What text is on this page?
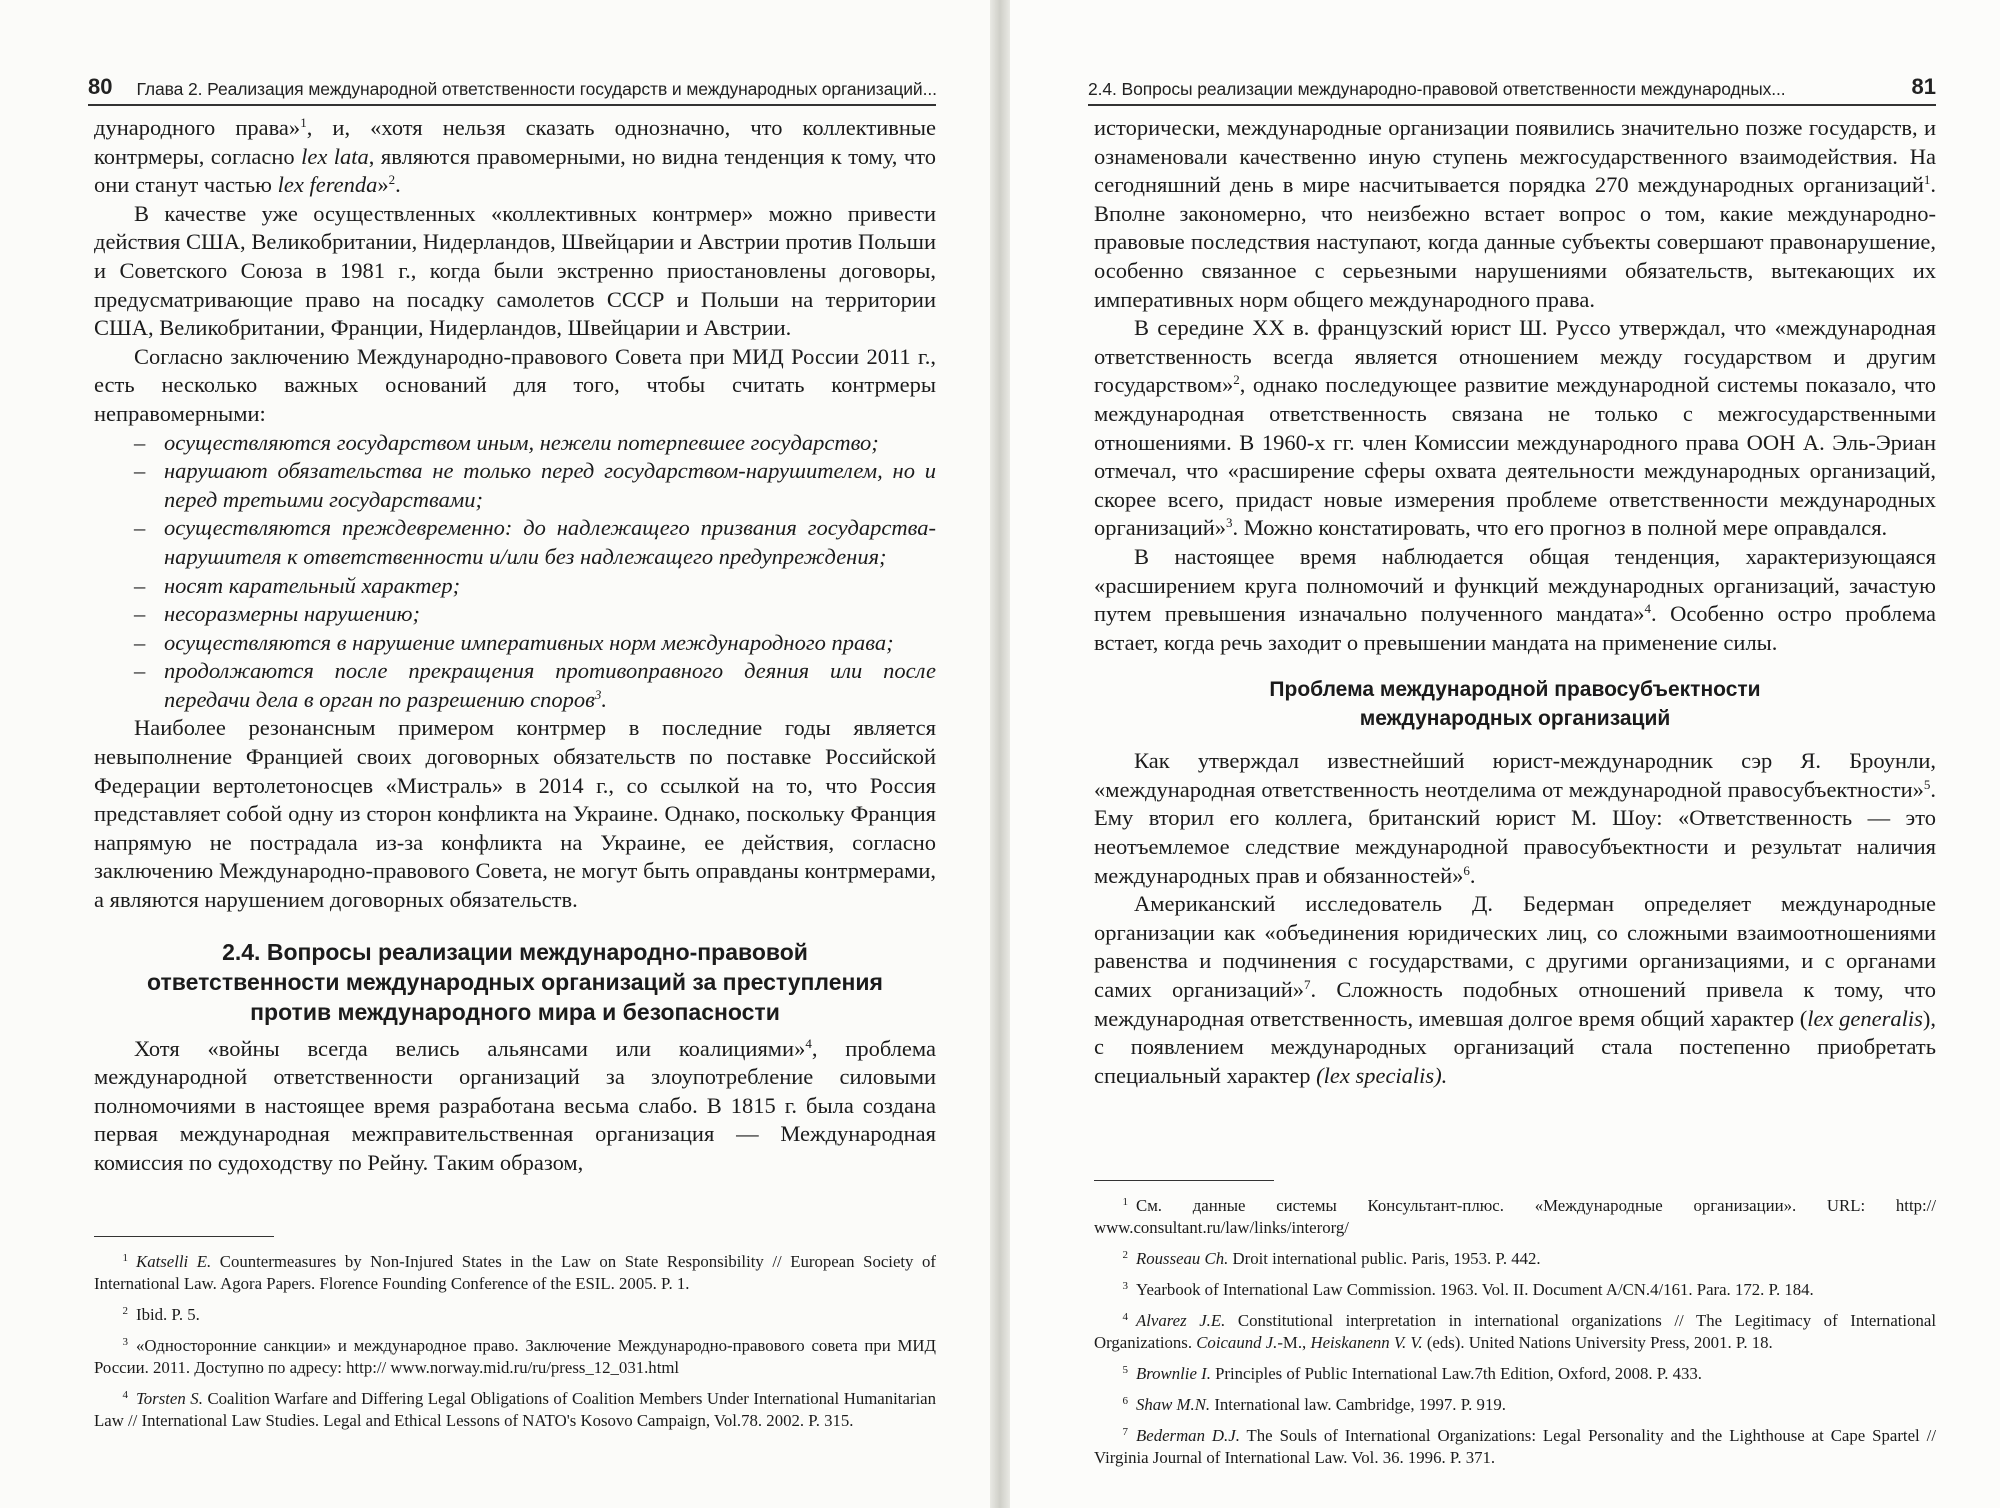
80 Глава 2. Реализация международной ответственности государств и международных организаций...

дународного права»$^1$, и, «хотя нельзя сказать однозначно, что коллективные контрмеры, согласно lex lata, являются правомерными, но видна тенденция к тому, что они станут частью lex ferenda»$^2$.

В качестве уже осуществленных «коллективных контрмер» можно привести действия США, Великобритании, Нидерландов, Швейцарии и Австрии против Польши и Советского Союза в 1981 г., когда были экстренно приостановлены договоры, предусматривающие право на посадку самолетов СССР и Польши на территории США, Великобритании, Франции, Нидерландов, Швейцарии и Австрии.

Согласно заключению Международно-правового Совета при МИД России 2011 г., есть несколько важных оснований для того, чтобы считать контрмеры неправомерными:

– осуществляются государством иным, нежели потерпевшее государство;
– нарушают обязательства не только перед государством-нарушителем, но и перед третьими государствами;
– осуществляются преждевременно: до надлежащего призвания государства-нарушителя к ответственности и/или без надлежащего предупреждения;
– носят карательный характер;
– несоразмерны нарушению;
– осуществляются в нарушение императивных норм международного права;
– продолжаются после прекращения противоправного деяния или после передачи дела в орган по разрешению споров$^3$.

Наиболее резонансным примером контрмер в последние годы является невыполнение Францией своих договорных обязательств по поставке Российской Федерации вертолетоносцев «Мистраль» в 2014 г., со ссылкой на то, что Россия представляет собой одну из сторон конфликта на Украине. Однако, поскольку Франция напрямую не пострадала из-за конфликта на Украине, ее действия, согласно заключению Международно-правового Совета, не могут быть оправданы контрмерами, а являются нарушением договорных обязательств.

2.4. Вопросы реализации международно-правовой
ответственности международных организаций за преступления
против международного мира и безопасности

Хотя «войны всегда велись альянсами или коалициями»$^4$, проблема международной ответственности организаций за злоупотребление силовыми полномочиями в настоящее время разработана весьма слабо. В 1815 г. была создана первая международная межправительственная организация — Международная комиссия по судоходству по Рейну. Таким образом,

$^1$ Katselli E. Countermeasures by Non-Injured States in the Law on State Responsibility // European Society of International Law. Agora Papers. Florence Founding Conference of the ESIL. 2005. P. 1.
$^2$ Ibid. P. 5.
$^3$ «Односторонние санкции» и международное право. Заключение Международно-правового совета при МИД России. 2011. Доступно по адресу: http:// www.norway.mid.ru/ru/press_12_031.html
$^4$ Torsten S. Coalition Warfare and Differing Legal Obligations of Coalition Members Under International Humanitarian Law // International Law Studies. Legal and Ethical Lessons of NATO's Kosovo Campaign, Vol.78. 2002. P. 315.
2.4. Вопросы реализации международно-правовой ответственности международных...	81

исторически, международные организации появились значительно позже государств, и ознаменовали качественно иную ступень межгосударственного взаимодействия. На сегодняшний день в мире насчитывается порядка 270 международных организаций$^1$. Вполне закономерно, что неизбежно встает вопрос о том, какие международно-правовые последствия наступают, когда данные субъекты совершают правонарушение, особенно связанное с серьезными нарушениями обязательств, вытекающих их императивных норм общего международного права.

В середине XX в. французский юрист Ш. Руссо утверждал, что «международная ответственность всегда является отношением между государством и другим государством»$^2$, однако последующее развитие международной системы показало, что международная ответственность связана не только с межгосударственными отношениями. В 1960-х гг. член Комиссии международного права ООН А. Эль-Эриан отмечал, что «расширение сферы охвата деятельности международных организаций, скорее всего, придаст новые измерения проблеме ответственности международных организаций»$^3$. Можно констатировать, что его прогноз в полной мере оправдался.

В настоящее время наблюдается общая тенденция, характеризующаяся «расширением круга полномочий и функций международных организаций, зачастую путем превышения изначально полученного мандата»$^4$. Особенно остро проблема встает, когда речь заходит о превышении мандата на применение силы.

Проблема международной правосубъектности
международных организаций

Как утверждал известнейший юрист-международник сэр Я. Броунли, «международная ответственность неотделима от международной правосубъектности»$^5$. Ему вторил его коллега, британский юрист М. Шоу: «Ответственность — это неотъемлемое следствие международной правосубъектности и результат наличия международных прав и обязанностей»$^6$.

Американский исследователь Д. Бедерман определяет международные организации как «объединения юридических лиц, со сложными взаимоотношениями равенства и подчинения с государствами, с другими организациями, и с органами самих организаций»$^7$. Сложность подобных отношений привела к тому, что международная ответственность, имевшая долгое время общий характер (lex generalis), с появлением международных организаций стала постепенно приобретать специальный характер (lex specialis).

$^1$ См. данные системы Консультант-плюс. «Международные организации». URL: http:// www.consultant.ru/law/links/interorg/
$^2$ Rousseau Ch. Droit international public. Paris, 1953. P. 442.
$^3$ Yearbook of International Law Commission. 1963. Vol. II. Document A/CN.4/161. Para. 172. P. 184.
$^4$ Alvarez J.E. Constitutional interpretation in international organizations // The Legitimacy of International Organizations. Coicaund J.-M., Heiskanenn V. V. (eds). United Nations University Press, 2001. P. 18.
$^5$ Brownlie I. Principles of Public International Law.7th Edition, Oxford, 2008. P. 433.
$^6$ Shaw M.N. International law. Cambridge, 1997. P. 919.
$^7$ Bederman D.J. The Souls of International Organizations: Legal Personality and the Lighthouse at Cape Spartel // Virginia Journal of International Law. Vol. 36. 1996. P. 371.
